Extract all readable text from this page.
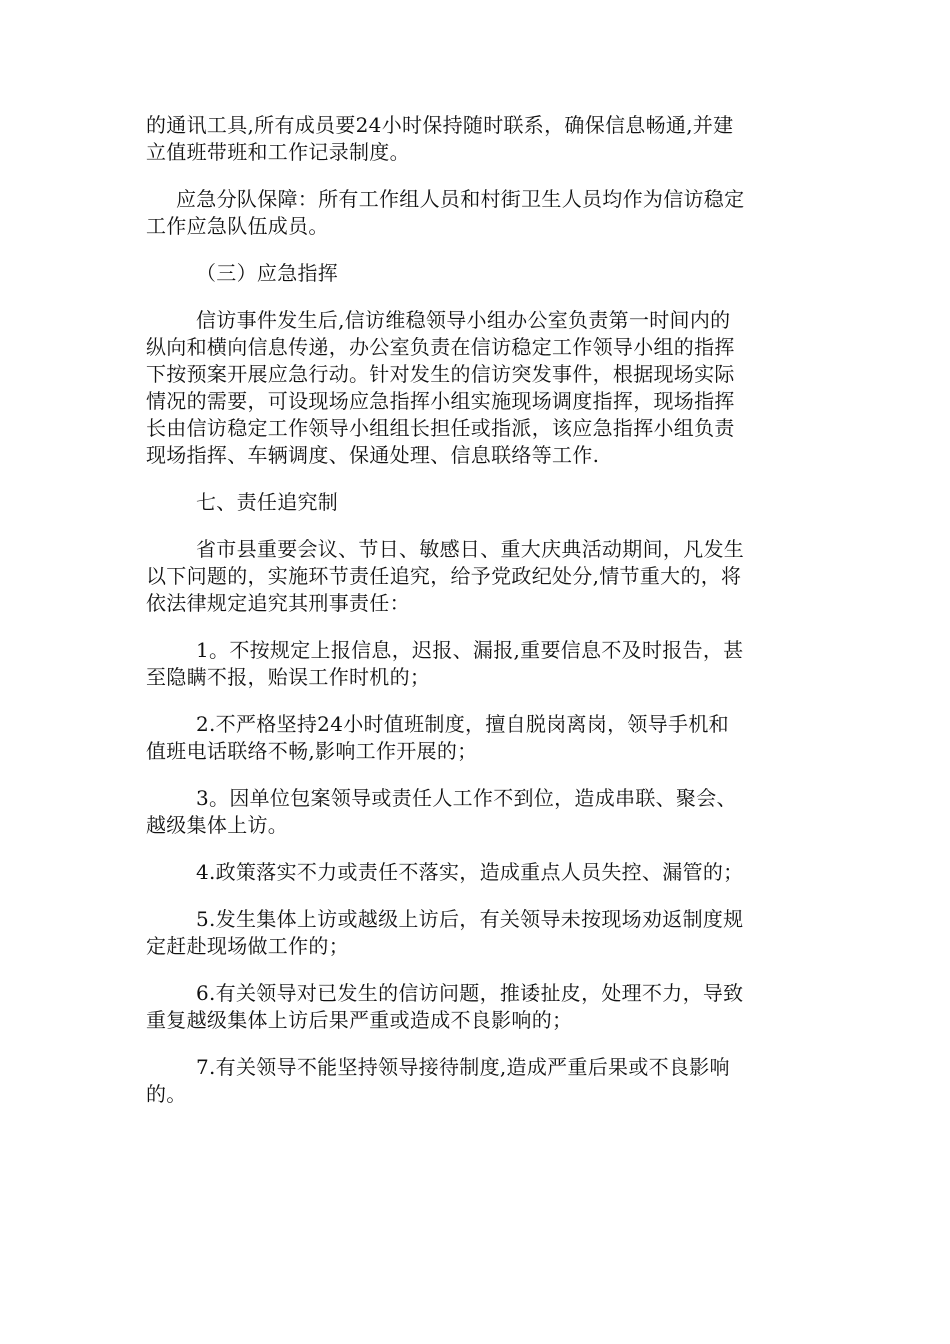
的通讯工具,所有成员要24小时保持随时联系，确保信息畅通,并建
立值班带班和工作记录制度。

应急分队保障：所有工作组人员和村街卫生人员均作为信访稳定
工作应急队伍成员。

（三）应急指挥

信访事件发生后,信访维稳领导小组办公室负责第一时间内的
纵向和横向信息传递，办公室负责在信访稳定工作领导小组的指挥
下按预案开展应急行动。针对发生的信访突发事件，根据现场实际
情况的需要，可设现场应急指挥小组实施现场调度指挥，现场指挥
长由信访稳定工作领导小组组长担任或指派，该应急指挥小组负责
现场指挥、车辆调度、保通处理、信息联络等工作.

七、责任追究制

省市县重要会议、节日、敏感日、重大庆典活动期间，凡发生
以下问题的，实施环节责任追究，给予党政纪处分,情节重大的，将
依法律规定追究其刑事责任：

1。不按规定上报信息，迟报、漏报,重要信息不及时报告，甚
至隐瞒不报，贻误工作时机的；

2.不严格坚持24小时值班制度，擅自脱岗离岗，领导手机和
值班电话联络不畅,影响工作开展的；

3。因单位包案领导或责任人工作不到位，造成串联、聚会、
越级集体上访。

4.政策落实不力或责任不落实，造成重点人员失控、漏管的；

5.发生集体上访或越级上访后，有关领导未按现场劝返制度规
定赶赴现场做工作的；

6.有关领导对已发生的信访问题，推诿扯皮，处理不力，导致
重复越级集体上访后果严重或造成不良影响的；

7.有关领导不能坚持领导接待制度,造成严重后果或不良影响
的。
